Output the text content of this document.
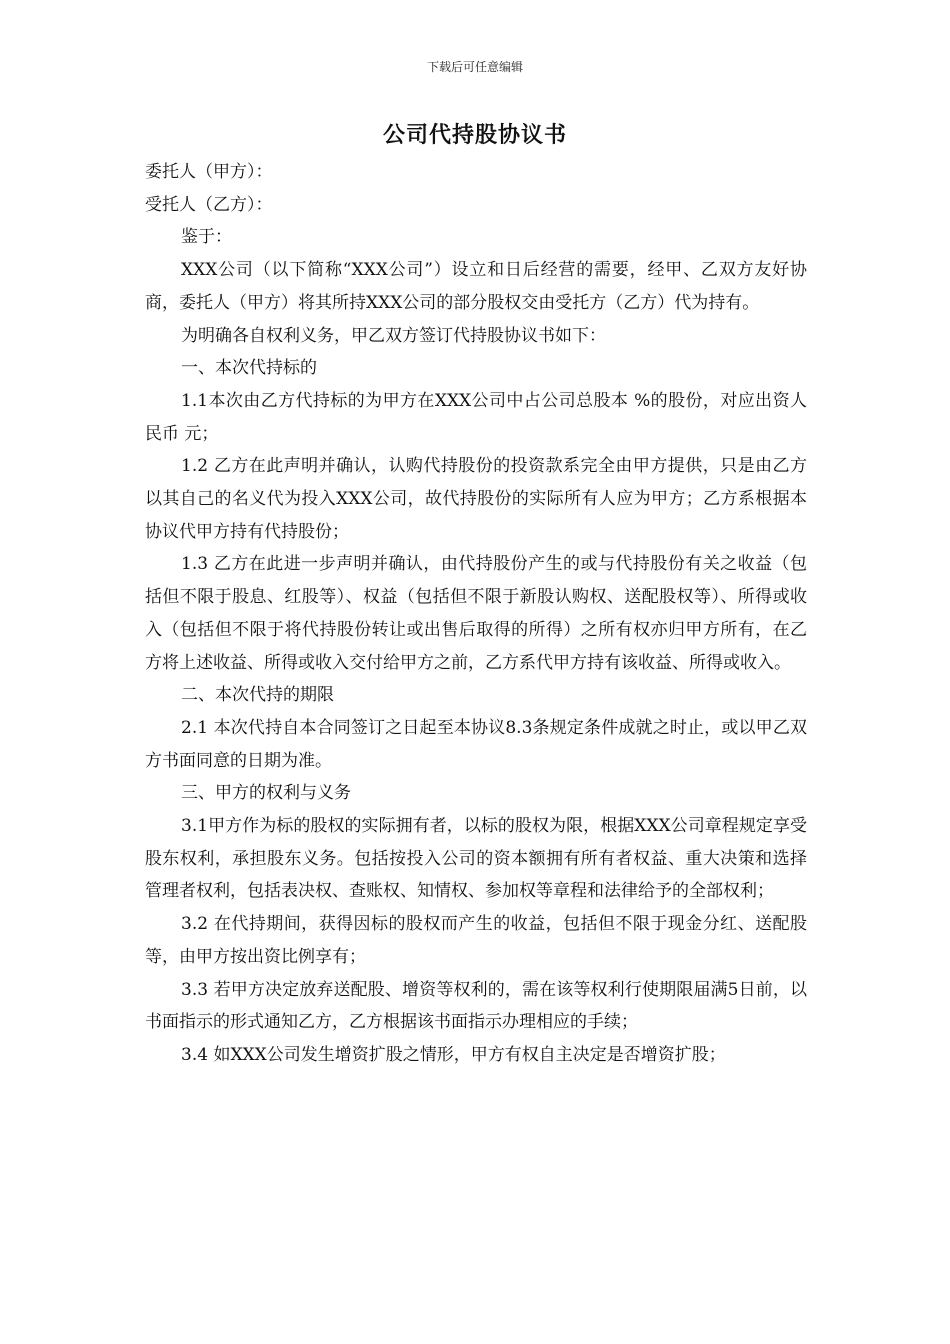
下载后可任意编辑
公司代持股协议书

委托人（甲方）：

受托人（乙方）：

鉴于：

XXX公司（以下简称“XXX公司”）设立和日后经营的需要，经甲、乙双方友好协商，委托人（甲方）将其所持XXX公司的部分股权交由受托方（乙方）代为持有。

为明确各自权利义务，甲乙双方签订代持股协议书如下：

一、本次代持标的

1.1本次由乙方代持标的为甲方在XXX公司中占公司总股本 %的股份，对应出资人民币 元；

1.2 乙方在此声明并确认，认购代持股份的投资款系完全由甲方提供，只是由乙方以其自己的名义代为投入XXX公司，故代持股份的实际所有人应为甲方；乙方系根据本协议代甲方持有代持股份；

1.3 乙方在此进一步声明并确认，由代持股份产生的或与代持股份有关之收益（包括但不限于股息、红股等）、权益（包括但不限于新股认购权、送配股权等）、所得或收入（包括但不限于将代持股份转让或出售后取得的所得）之所有权亦归甲方所有，在乙方将上述收益、所得或收入交付给甲方之前，乙方系代甲方持有该收益、所得或收入。

二、本次代持的期限

2.1 本次代持自本合同签订之日起至本协议8.3条规定条件成就之时止，或以甲乙双方书面同意的日期为准。

三、甲方的权利与义务

3.1甲方作为标的股权的实际拥有者，以标的股权为限，根据XXX公司章程规定享受股东权利，承担股东义务。包括按投入公司的资本额拥有所有者权益、重大决策和选择管理者权利，包括表决权、查账权、知情权、参加权等章程和法律给予的全部权利；

3.2 在代持期间，获得因标的股权而产生的收益，包括但不限于现金分红、送配股等，由甲方按出资比例享有；

3.3 若甲方决定放弃送配股、增资等权利的，需在该等权利行使期限届满5日前，以书面指示的形式通知乙方，乙方根据该书面指示办理相应的手续；

3.4 如XXX公司发生增资扩股之情形，甲方有权自主决定是否增资扩股；
